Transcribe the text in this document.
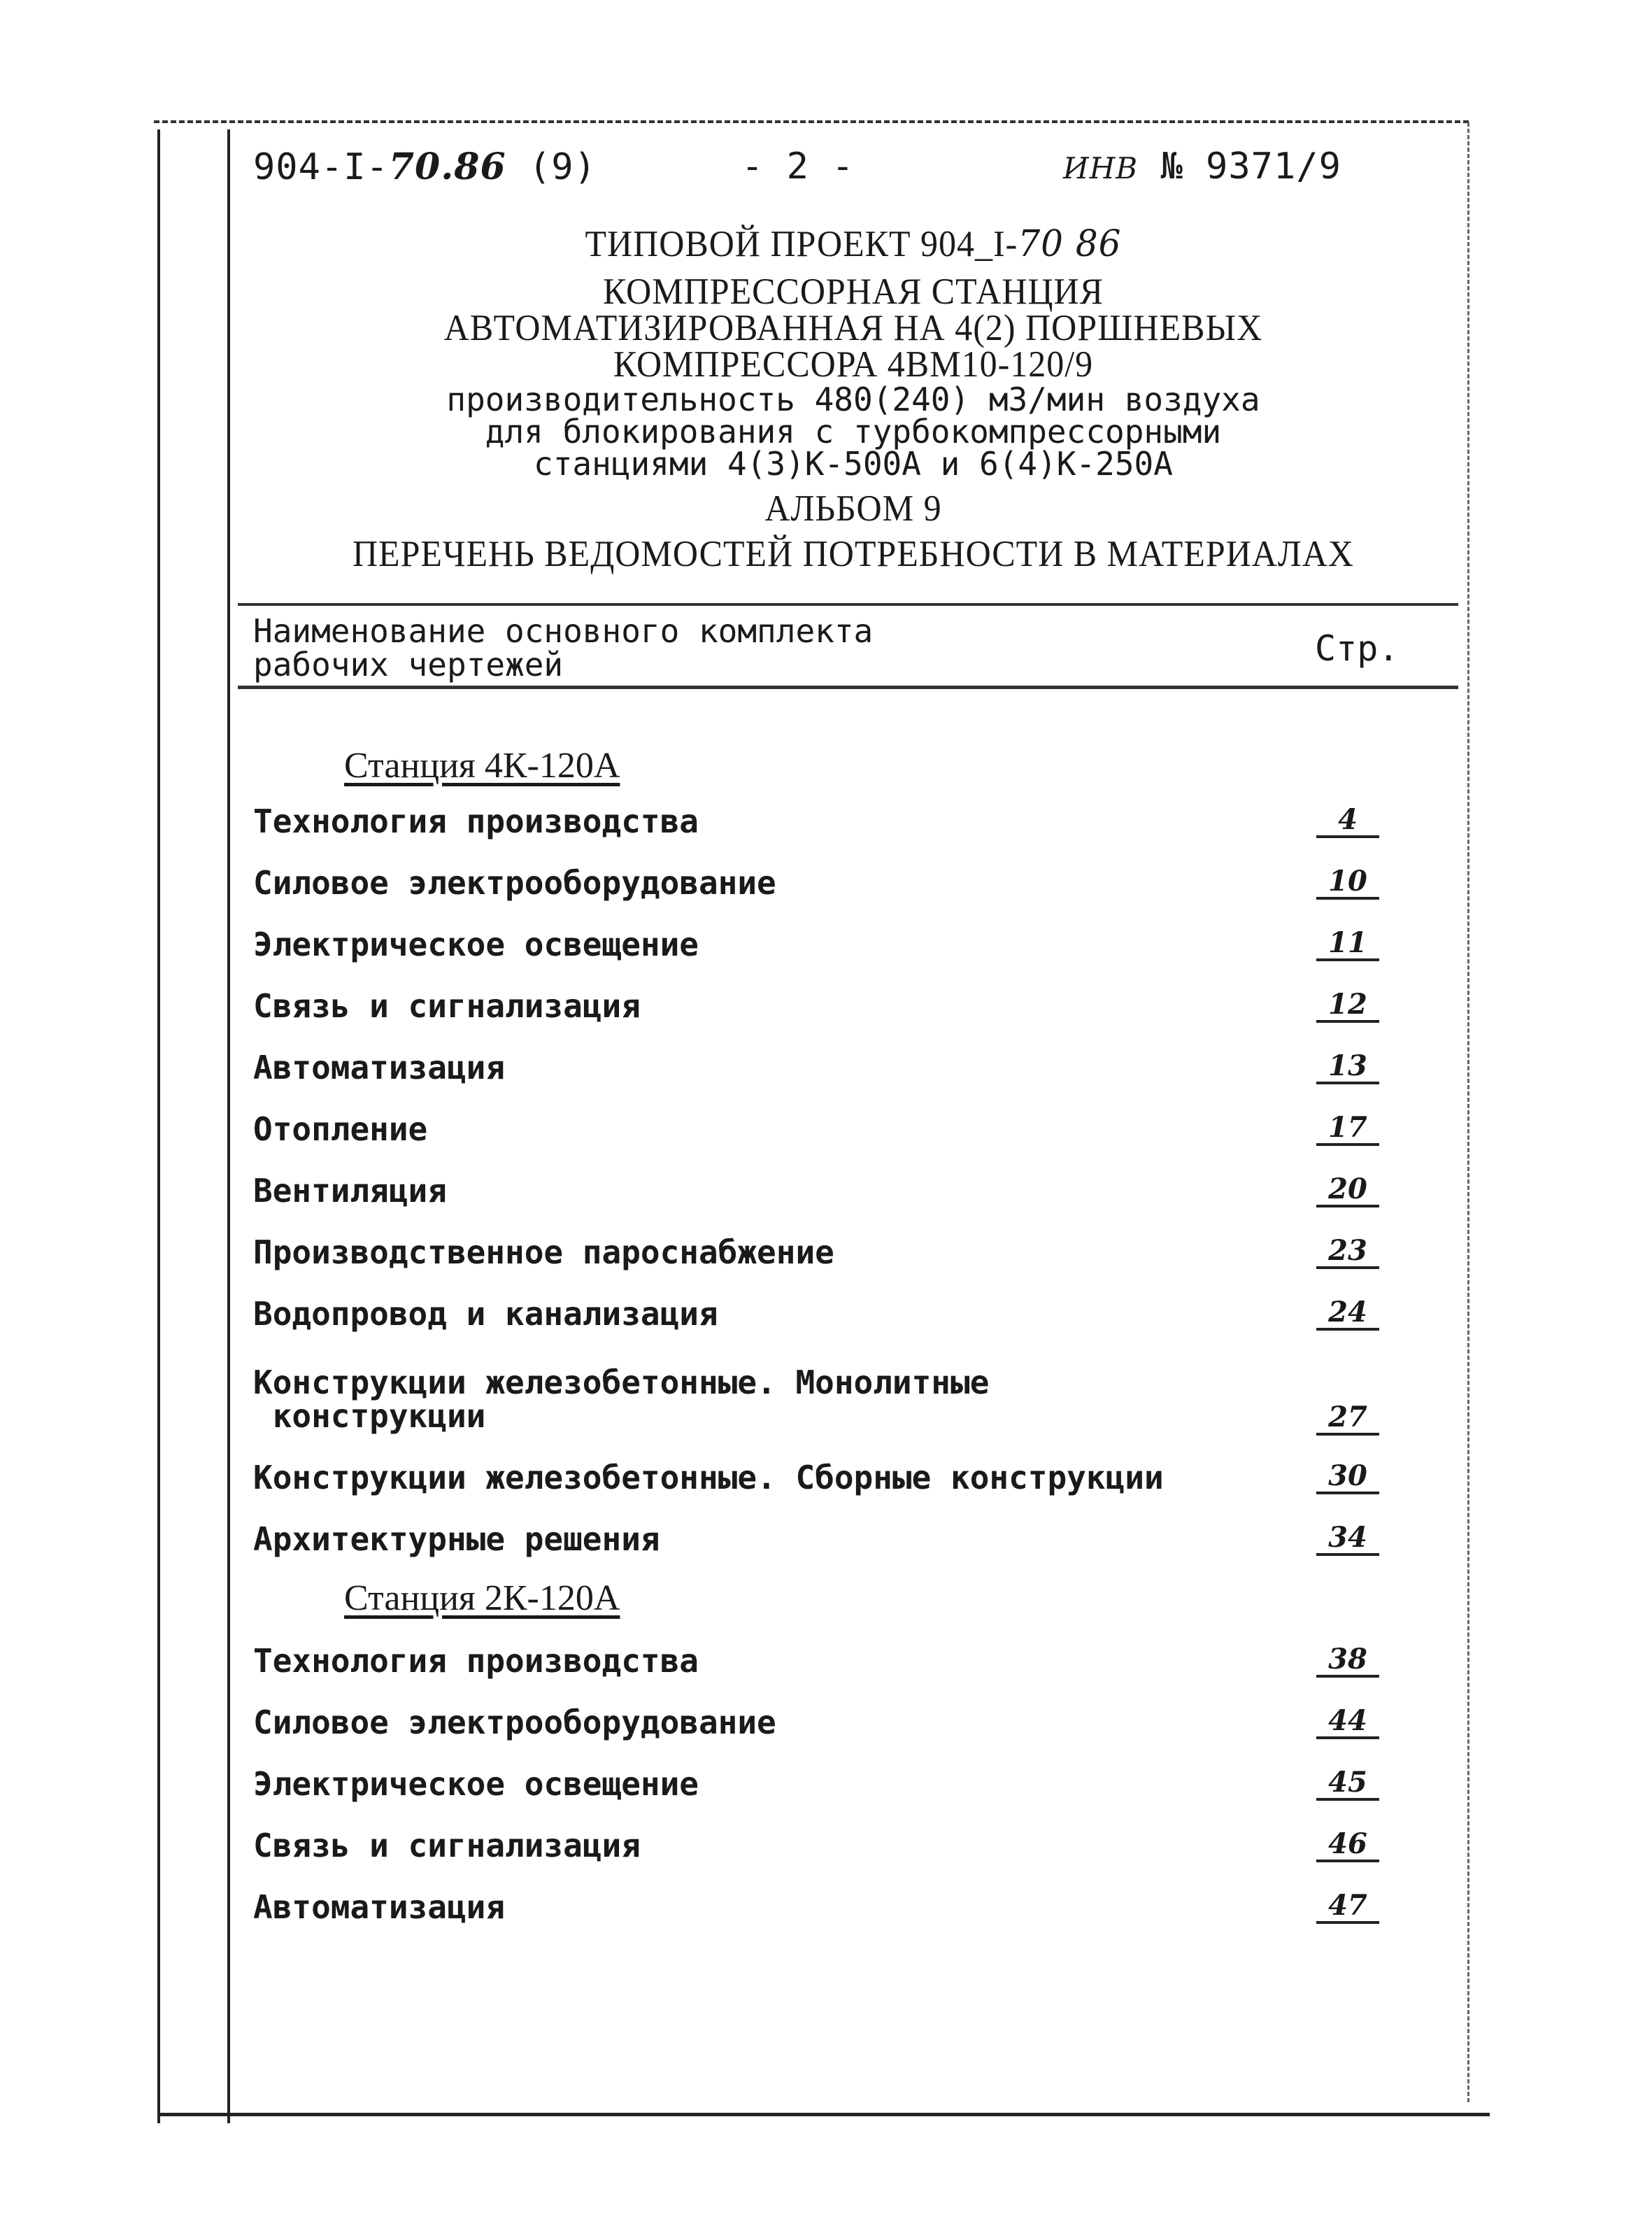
904-I-70.86 (9)	- 2 -	ИНВ № 9371/9
ТИПОВОЙ ПРОЕКТ 904_I-70 86
КОМПРЕССОРНАЯ СТАНЦИЯ
АВТОМАТИЗИРОВАННАЯ НА 4(2) ПОРШНЕВЫХ
КОМПРЕССОРА 4ВМ10-120/9
производительность 480(240) м3/мин воздуха
для блокирования с турбокомпрессорными
станциями 4(3)К-500А и 6(4)К-250А
АЛЬБОМ 9
ПЕРЕЧЕНЬ ВЕДОМОСТЕЙ ПОТРЕБНОСТИ В МАТЕРИАЛАХ
Наименование основного комплекта
рабочих чертежей	Стр.
Станция 4К-120А
Технология производства	4
Силовое электрооборудование	10
Электрическое освещение	11
Связь и сигнализация	12
Автоматизация	13
Отопление	17
Вентиляция	20
Производственное пароснабжение	23
Водопровод и канализация	24
Конструкции железобетонные. Монолитные
конструкции	27
Конструкции железобетонные. Сборные конструкции	30
Архитектурные решения	34
Станция 2К-120А
Технология производства	38
Силовое электрооборудование	44
Электрическое освещение	45
Связь и сигнализация	46
Автоматизация	47
